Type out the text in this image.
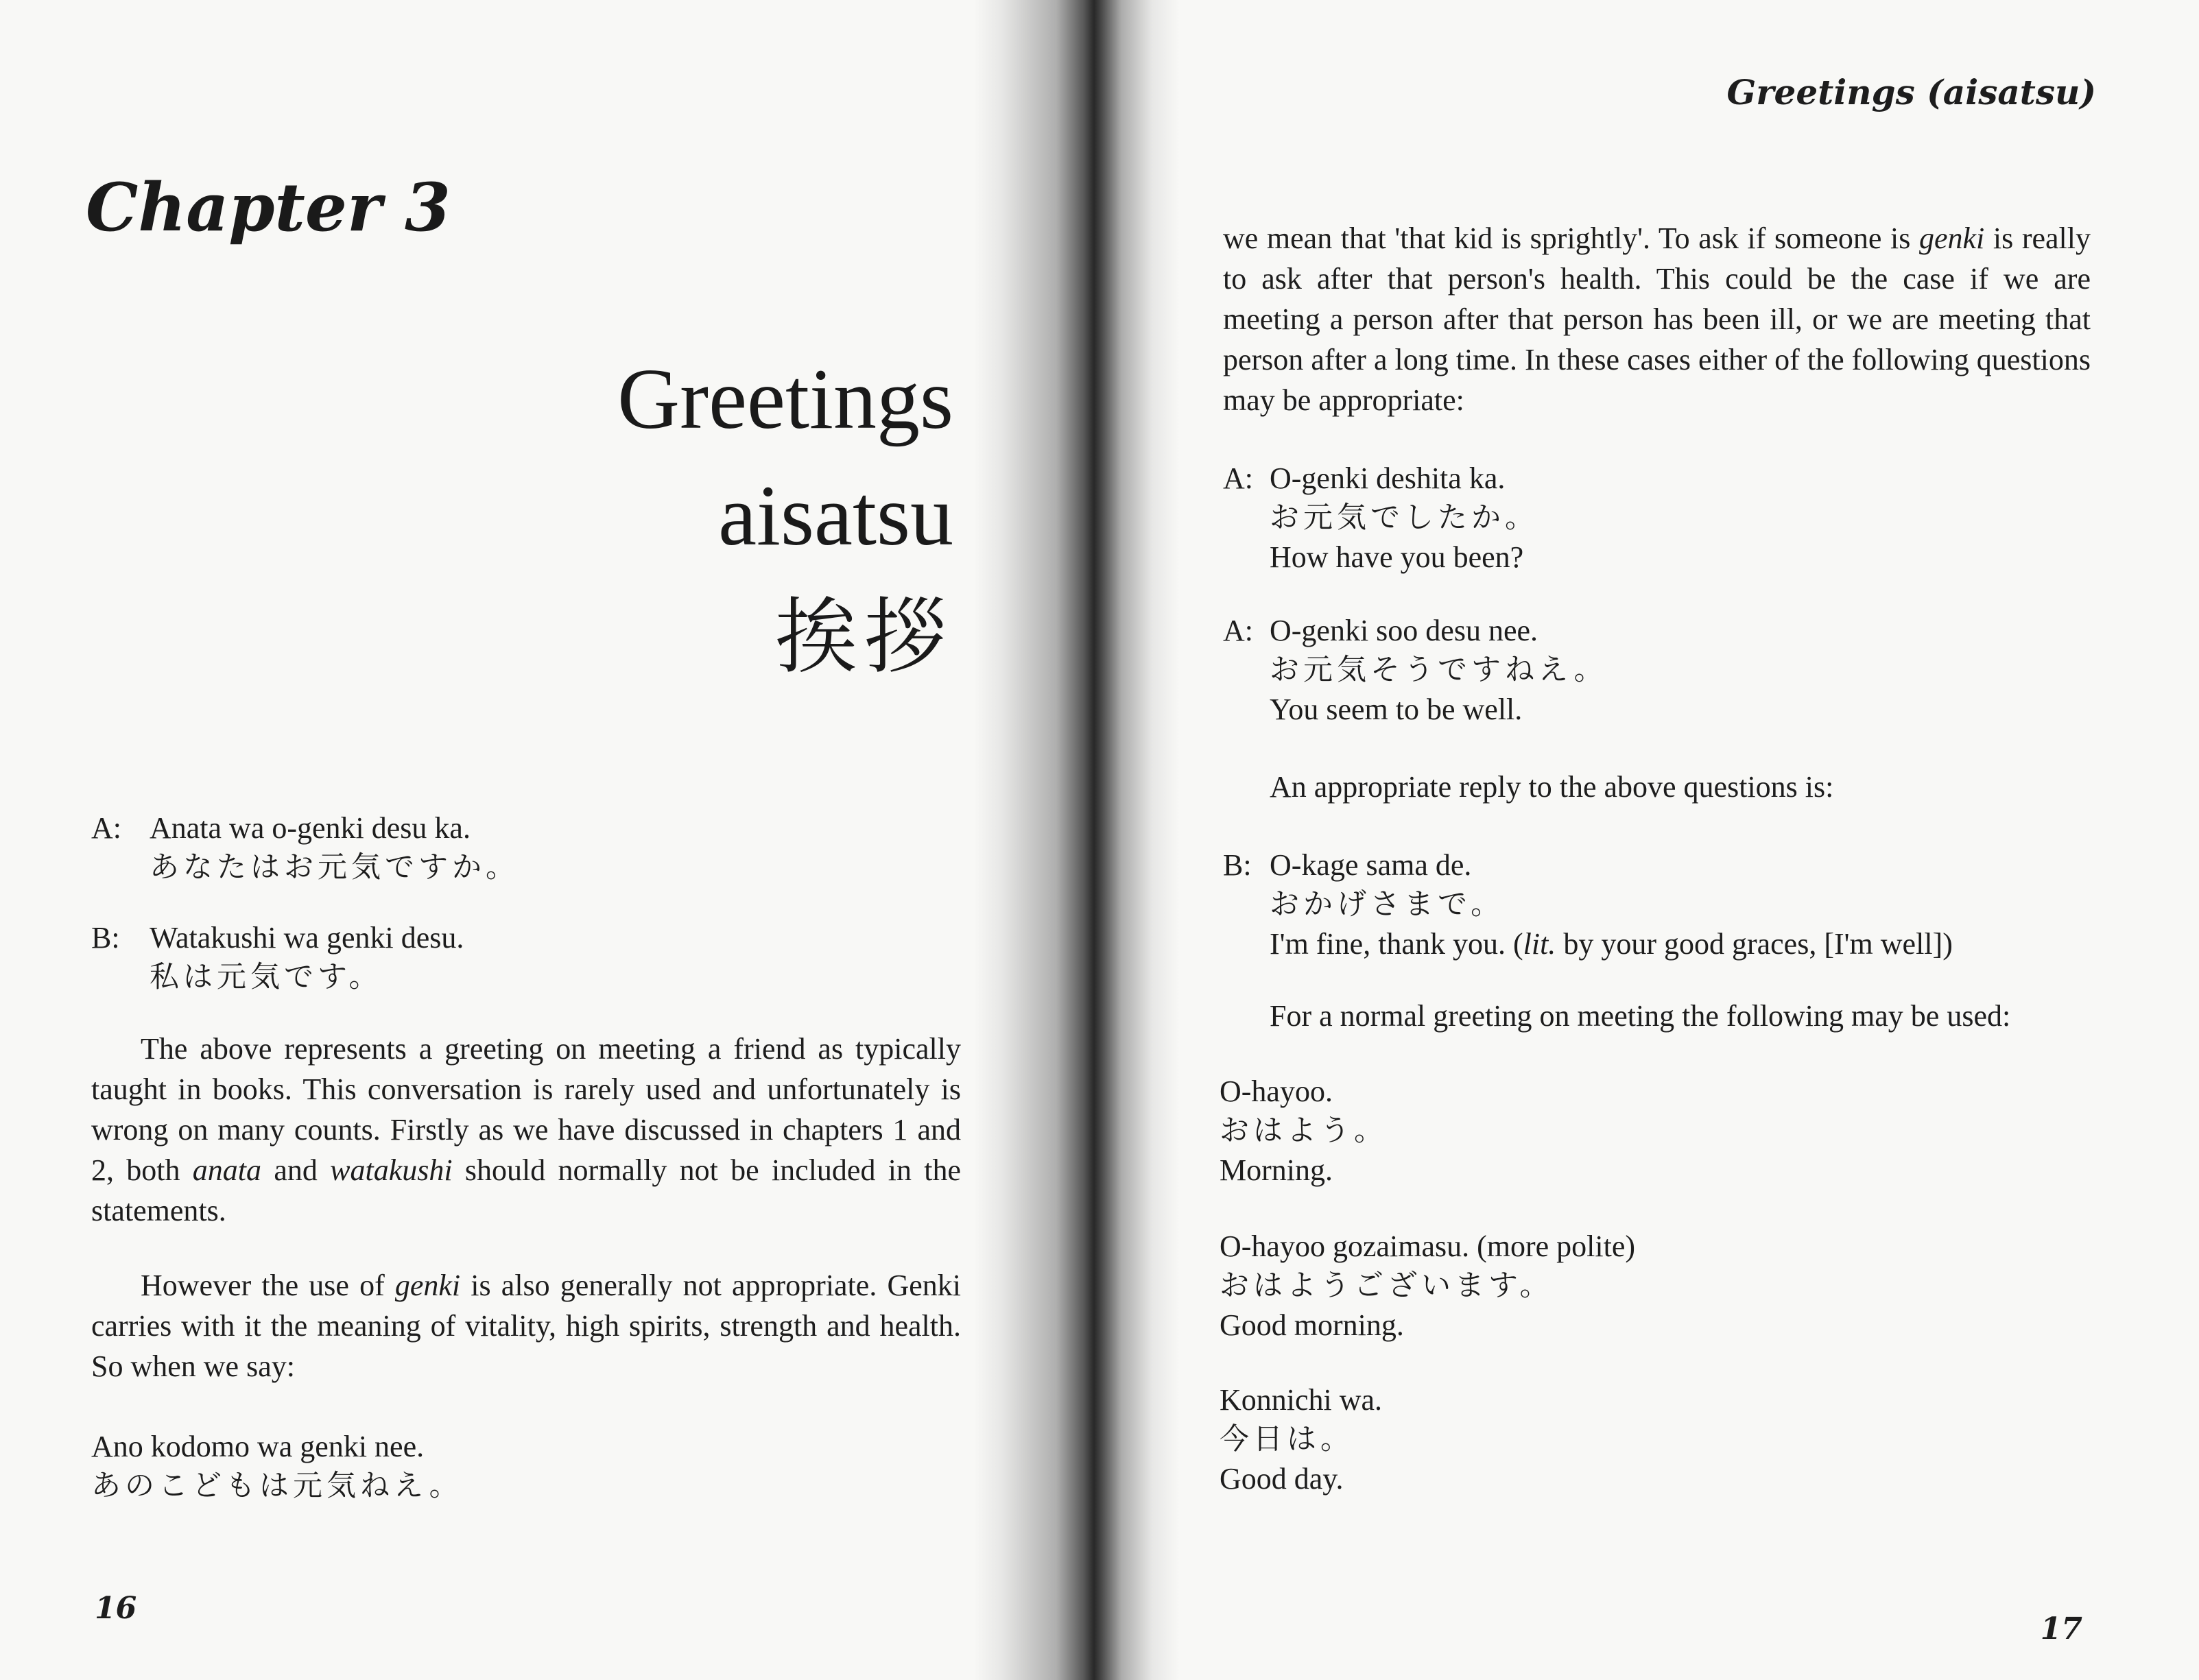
Chapter 3
Greetings
aisatsu
挨拶
A: Anata wa o-genki desu ka.
あなたはお元気ですか。
B: Watakushi wa genki desu.
私は元気です。

The above represents a greeting on meeting a friend as typically taught in books. This conversation is rarely used and unfortunately is wrong on many counts. Firstly as we have discussed in chapters 1 and 2, both anata and watakushi should normally not be included in the statements.

However the use of genki is also generally not appropriate. Genki carries with it the meaning of vitality, high spirits, strength and health. So when we say:

Ano kodomo wa genki nee.
あのこどもは元気ねえ。
16
Greetings (aisatsu)

we mean that 'that kid is sprightly'. To ask if someone is genki is really to ask after that person's health. This could be the case if we are meeting a person after that person has been ill, or we are meeting that person after a long time. In these cases either of the following questions may be appropriate:

A: O-genki deshita ka.
お元気でしたか。
How have you been?
A: O-genki soo desu nee.
お元気そうですねえ。
You seem to be well.
An appropriate reply to the above questions is:
B: O-kage sama de.
おかげさまで。
I'm fine, thank you. (lit. by your good graces, [I'm well])
For a normal greeting on meeting the following may be used:
O-hayoo.
おはよう。
Morning.
O-hayoo gozaimasu. (more polite)
おはようございます。
Good morning.
Konnichi wa.
今日は。
Good day.
17
